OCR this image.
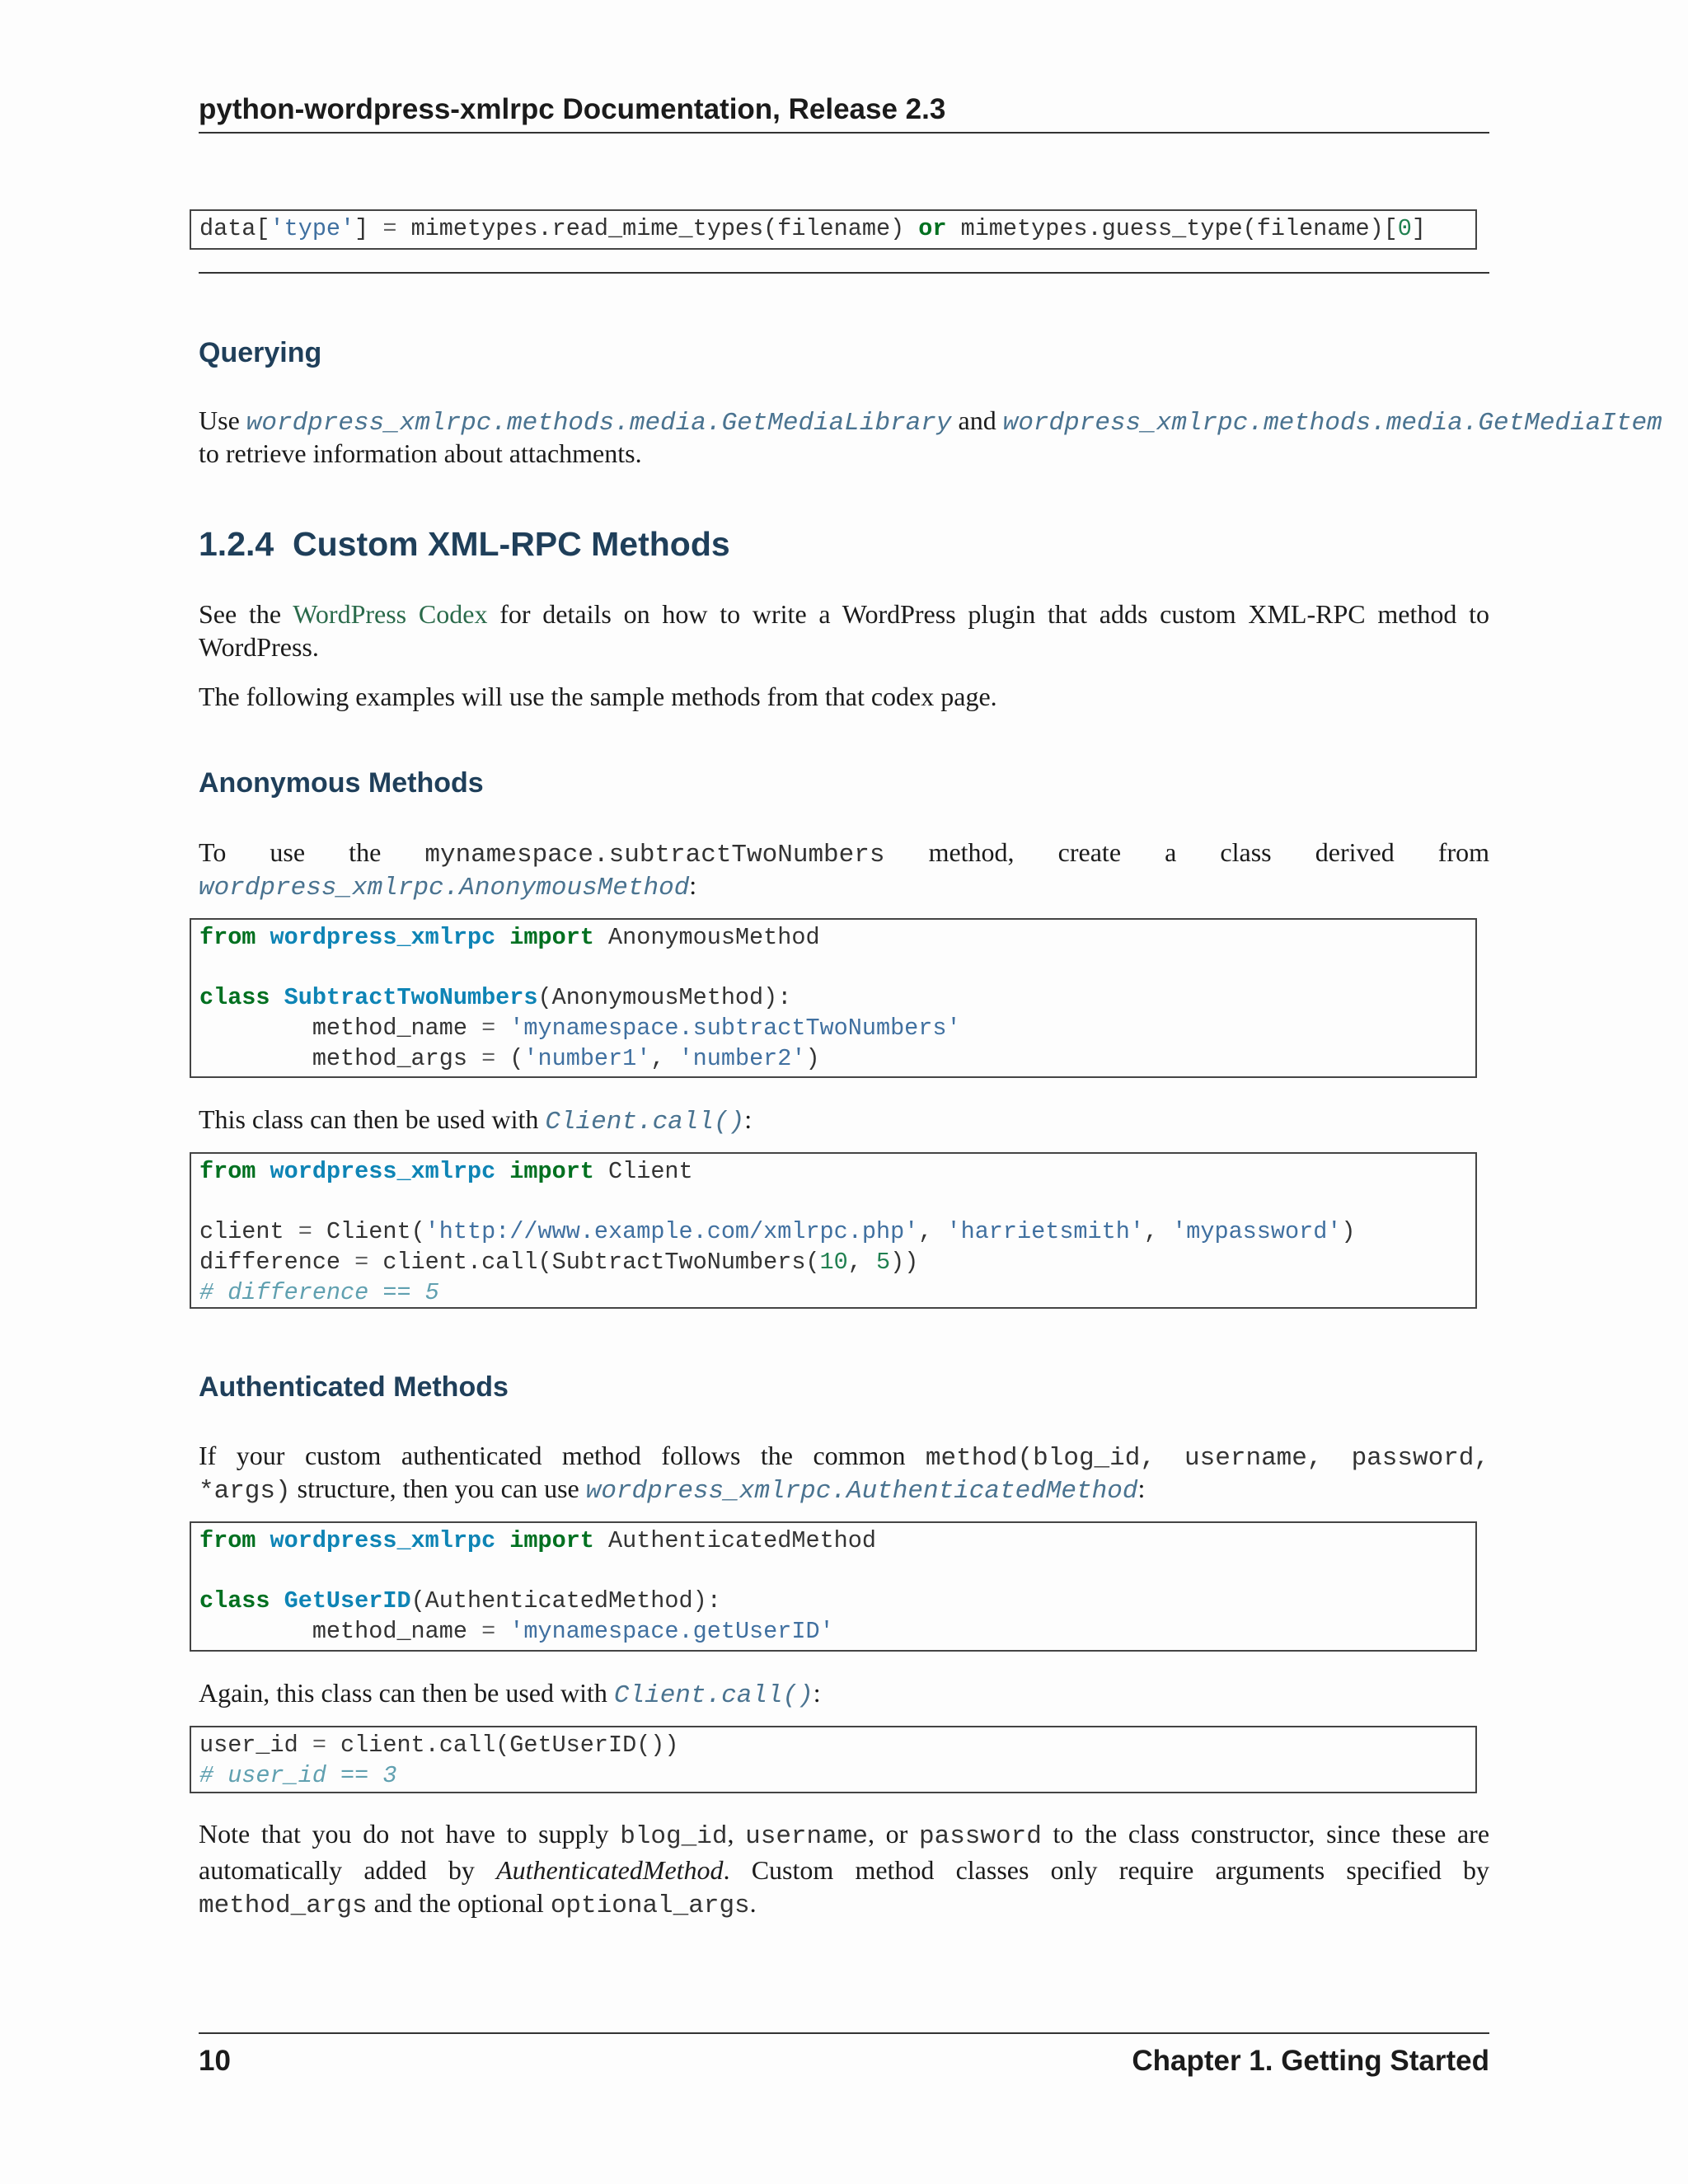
python-wordpress-xmlrpc Documentation, Release 2.3
data['type'] = mimetypes.read_mime_types(filename) or mimetypes.guess_type(filename)[0]
Querying

Use wordpress_xmlrpc.methods.media.GetMediaLibrary and wordpress_xmlrpc.methods.media.GetMediaItem

to retrieve information about attachments.

1.2.4 Custom XML-RPC Methods

See the WordPress Codex for details on how to write a WordPress plugin that adds custom XML-RPC method to WordPress.

The following examples will use the sample methods from that codex page.

Anonymous Methods

To use the mynamespace.subtractTwoNumbers method, create a class derived from

wordpress_xmlrpc.AnonymousMethod:

from wordpress_xmlrpc import AnonymousMethod

class SubtractTwoNumbers(AnonymousMethod):
method_name = 'mynamespace.subtractTwoNumbers'
method_args = ('number1', 'number2')

This class can then be used with Client.call():

from wordpress_xmlrpc import Client

client = Client('http://www.example.com/xmlrpc.php', 'harrietsmith', 'mypassword')
difference = client.call(SubtractTwoNumbers(10, 5))
# difference == 5
Authenticated Methods

If your custom authenticated method follows the common method(blog_id, username, password,

*args) structure, then you can use wordpress_xmlrpc.AuthenticatedMethod:

from wordpress_xmlrpc import AuthenticatedMethod

class GetUserID(AuthenticatedMethod):
method_name = 'mynamespace.getUserID'

Again, this class can then be used with Client.call():

user_id = client.call(GetUserID())
# user_id == 3

Note that you do not have to supply blog_id, username, or password to the class constructor, since these are automatically added by AuthenticatedMethod. Custom method classes only require arguments specified by method_args and the optional optional_args.

10	Chapter 1. Getting Started
